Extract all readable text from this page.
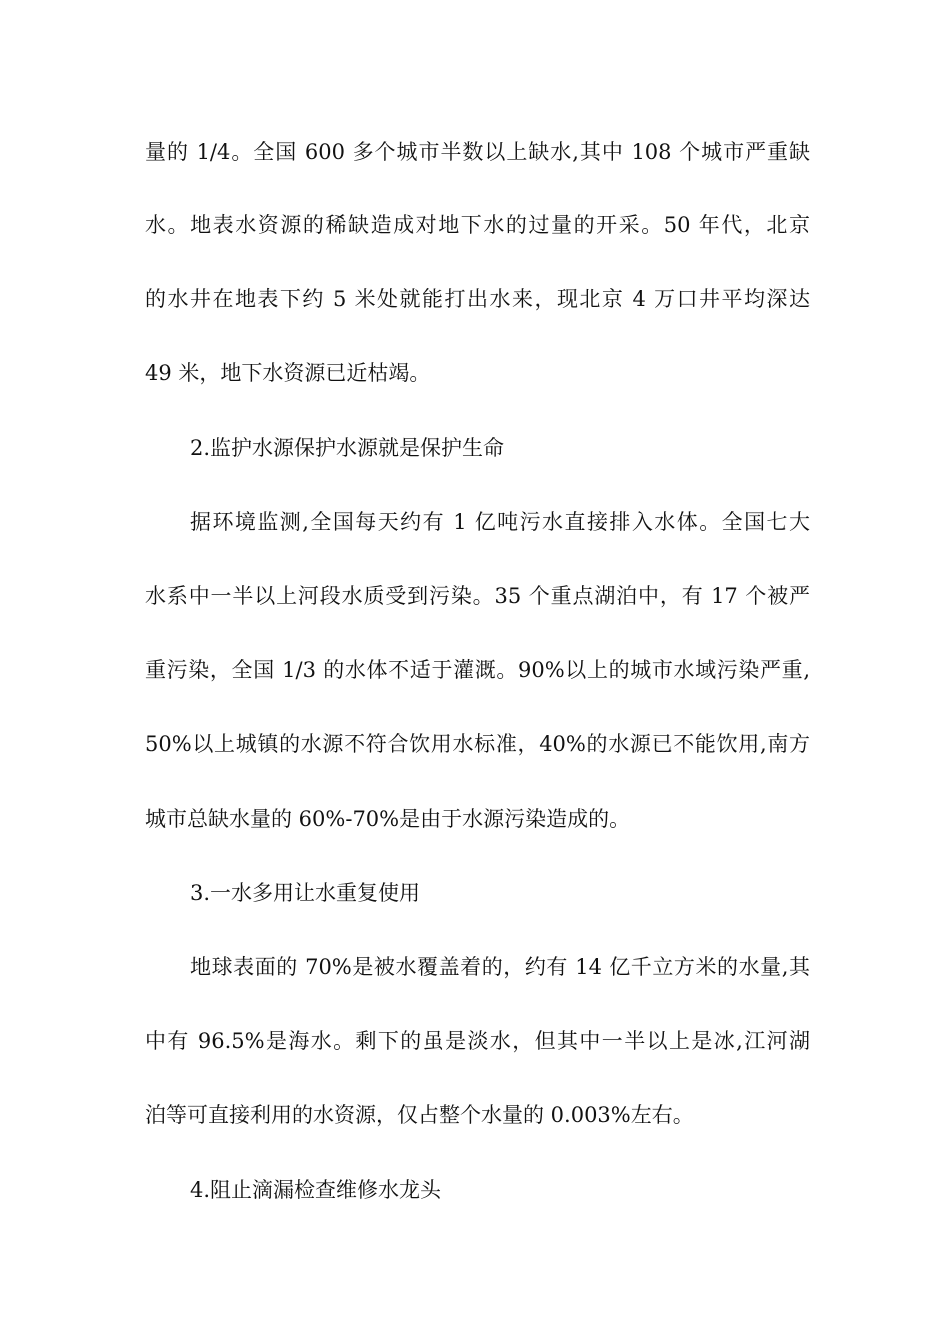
量的 1/4。全国 600 多个城市半数以上缺水,其中 108 个城市严重缺
水。地表水资源的稀缺造成对地下水的过量的开采。50 年代，北京
的水井在地表下约 5 米处就能打出水来，现北京 4 万口井平均深达
49 米，地下水资源已近枯竭。
2.监护水源保护水源就是保护生命
据环境监测,全国每天约有 1 亿吨污水直接排入水体。全国七大
水系中一半以上河段水质受到污染。35 个重点湖泊中，有 17 个被严
重污染，全国 1/3 的水体不适于灌溉。90%以上的城市水域污染严重,
50%以上城镇的水源不符合饮用水标准，40%的水源已不能饮用,南方
城市总缺水量的 60%-70%是由于水源污染造成的。
3.一水多用让水重复使用
地球表面的 70%是被水覆盖着的，约有 14 亿千立方米的水量,其
中有 96.5%是海水。剩下的虽是淡水，但其中一半以上是冰,江河湖
泊等可直接利用的水资源，仅占整个水量的 0.003%左右。
4.阻止滴漏检查维修水龙头
